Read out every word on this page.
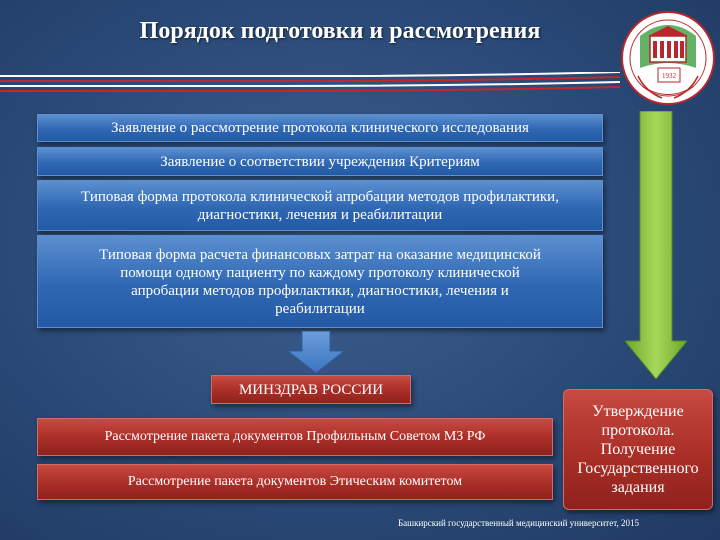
Порядок подготовки и рассмотрения
1932
Заявление о рассмотрение протокола клинического исследования
Заявление о соответствии учреждения Критериям
Типовая форма протокола клинической апробации методов профилактики, диагностики, лечения и реабилитации
Типовая форма расчета финансовых затрат на оказание медицинской помощи одному пациенту по каждому протоколу клинической апробации методов профилактики, диагностики, лечения и реабилитации
МИНЗДРАВ РОССИИ
Рассмотрение пакета документов Профильным Советом МЗ РФ
Рассмотрение пакета документов Этическим комитетом
Утверждение протокола. Получение Государственного задания
Башкирский государственный медицинский университет, 2015
